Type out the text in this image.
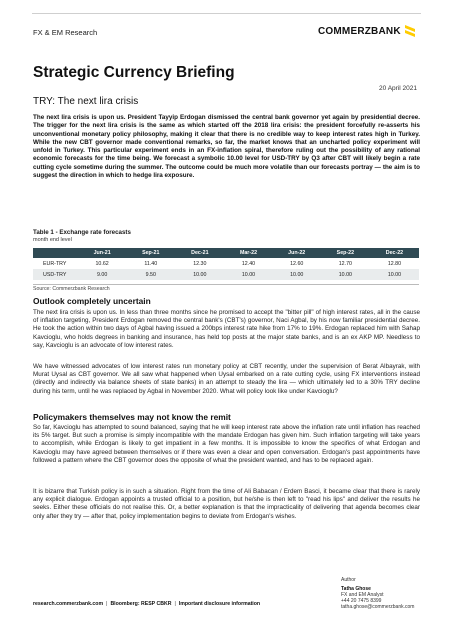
FX & EM Research	COMMERZBANK
Strategic Currency Briefing
20 April 2021
TRY: The next lira crisis
The next lira crisis is upon us. President Tayyip Erdogan dismissed the central bank governor yet again by presidential decree. The trigger for the next lira crisis is the same as which started off the 2018 lira crisis: the president forcefully re-asserts his unconventional monetary policy philosophy, making it clear that there is no credible way to keep interest rates high in Turkey. While the new CBT governor made conventional remarks, so far, the market knows that an uncharted policy experiment will unfold in Turkey. This particular experiment ends in an FX-inflation spiral, therefore ruling out the possibility of any rational economic forecasts for the time being. We forecast a symbolic 10.00 level for USD-TRY by Q3 after CBT will likely begin a rate cutting cycle sometime during the summer. The outcome could be much more volatile than our forecasts portray — the aim is to suggest the direction in which to hedge lira exposure.
Table 1 - Exchange rate forecasts
month end level
	Jun-21	Sep-21	Dec-21	Mar-22	Jun-22	Sep-22	Dec-22
EUR-TRY	10.62	11.40	12.30	12.40	12.60	12.70	12.80
USD-TRY	9.00	9.50	10.00	10.00	10.00	10.00	10.00
Source: Commerzbank Research
Outlook completely uncertain
The next lira crisis is upon us. In less than three months since he promised to accept the "bitter pill" of high interest rates, all in the cause of inflation targeting, President Erdogan removed the central bank's (CBT's) governor, Naci Agbal, by his now familiar presidential decree. He took the action within two days of Agbal having issued a 200bps interest rate hike from 17% to 19%. Erdogan replaced him with Sahap Kavcioglu, who holds degrees in banking and insurance, has held top posts at the major state banks, and is an ex AKP MP. Needless to say, Kavcioglu is an advocate of low interest rates.
We have witnessed advocates of low interest rates run monetary policy at CBT recently, under the supervision of Berat Albayrak, with Murat Uysal as CBT governor. We all saw what happened when Uysal embarked on a rate cutting cycle, using FX interventions instead (directly and indirectly via balance sheets of state banks) in an attempt to steady the lira — which ultimately led to a 30% TRY decline during his term, until he was replaced by Agbal in November 2020. What will policy look like under Kavcioglu?
Policymakers themselves may not know the remit
So far, Kavcioglu has attempted to sound balanced, saying that he will keep interest rate above the inflation rate until inflation has reached its 5% target. But such a promise is simply incompatible with the mandate Erdogan has given him. Such inflation targeting will take years to accomplish, while Erdogan is likely to get impatient in a few months. It is impossible to know the specifics of what Erdogan and Kavcioglu may have agreed between themselves or if there was even a clear and open conversation. Erdogan's past appointments have followed a pattern where the CBT governor does the opposite of what the president wanted, and has to be replaced again.
It is bizarre that Turkish policy is in such a situation. Right from the time of Ali Babacan / Erdem Basci, it became clear that there is rarely any explicit dialogue. Erdogan appoints a trusted official to a position, but he/she is then left to "read his lips" and deliver the results he seeks. Either these officials do not realise this. Or, a better explanation is that the impracticality of delivering that agenda becomes clear only after they try — after that, policy implementation begins to deviate from Erdogan's wishes.
Author
Tatha Ghose
FX and EM Analyst
+44 20 7475 8399
tatha.ghose@commerzbank.com
research.commerzbank.com | Bloomberg: RESP CBKR | Important disclosure information
